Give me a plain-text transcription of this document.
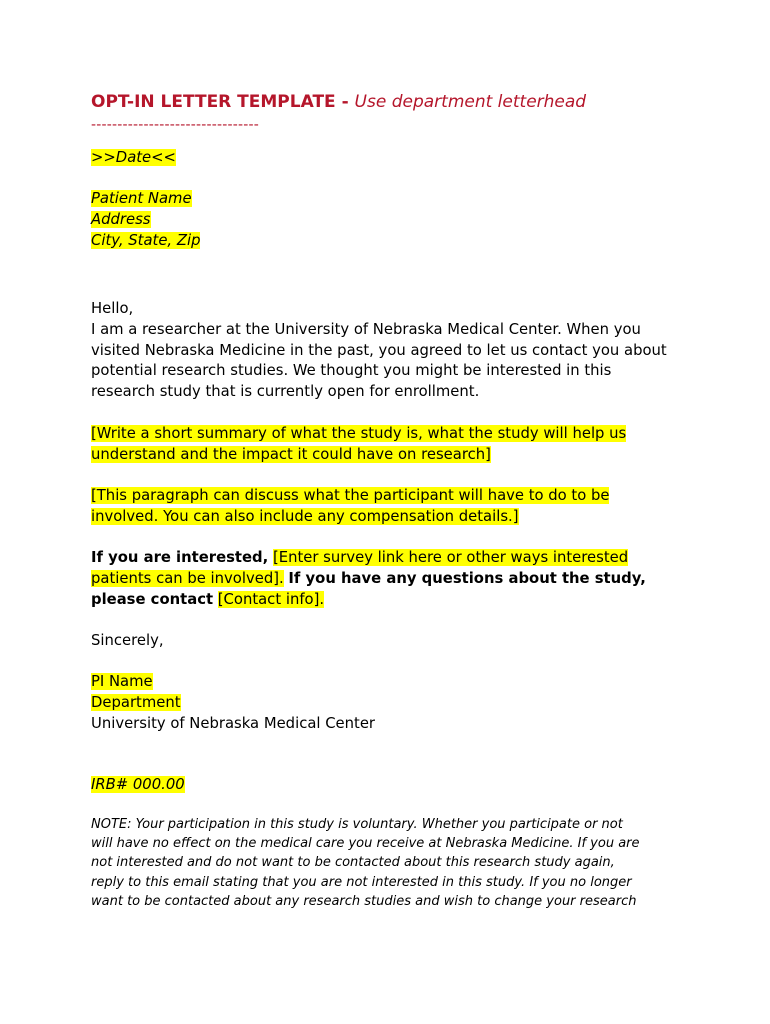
OPT-IN LETTER TEMPLATE - Use department letterhead
--------------------------------
>>Date<<
Patient Name
Address
City, State, Zip
Hello,
I am a researcher at the University of Nebraska Medical Center. When you
visited Nebraska Medicine in the past, you agreed to let us contact you about
potential research studies. We thought you might be interested in this
research study that is currently open for enrollment.
[Write a short summary of what the study is, what the study will help us
understand and the impact it could have on research]
[This paragraph can discuss what the participant will have to do to be
involved. You can also include any compensation details.]
If you are interested, [Enter survey link here or other ways interested
patients can be involved]. If you have any questions about the study,
please contact [Contact info].
Sincerely,
PI Name
Department
University of Nebraska Medical Center
IRB# 000.00
NOTE: Your participation in this study is voluntary. Whether you participate or not
will have no effect on the medical care you receive at Nebraska Medicine. If you are
not interested and do not want to be contacted about this research study again,
reply to this email stating that you are not interested in this study. If you no longer
want to be contacted about any research studies and wish to change your research
